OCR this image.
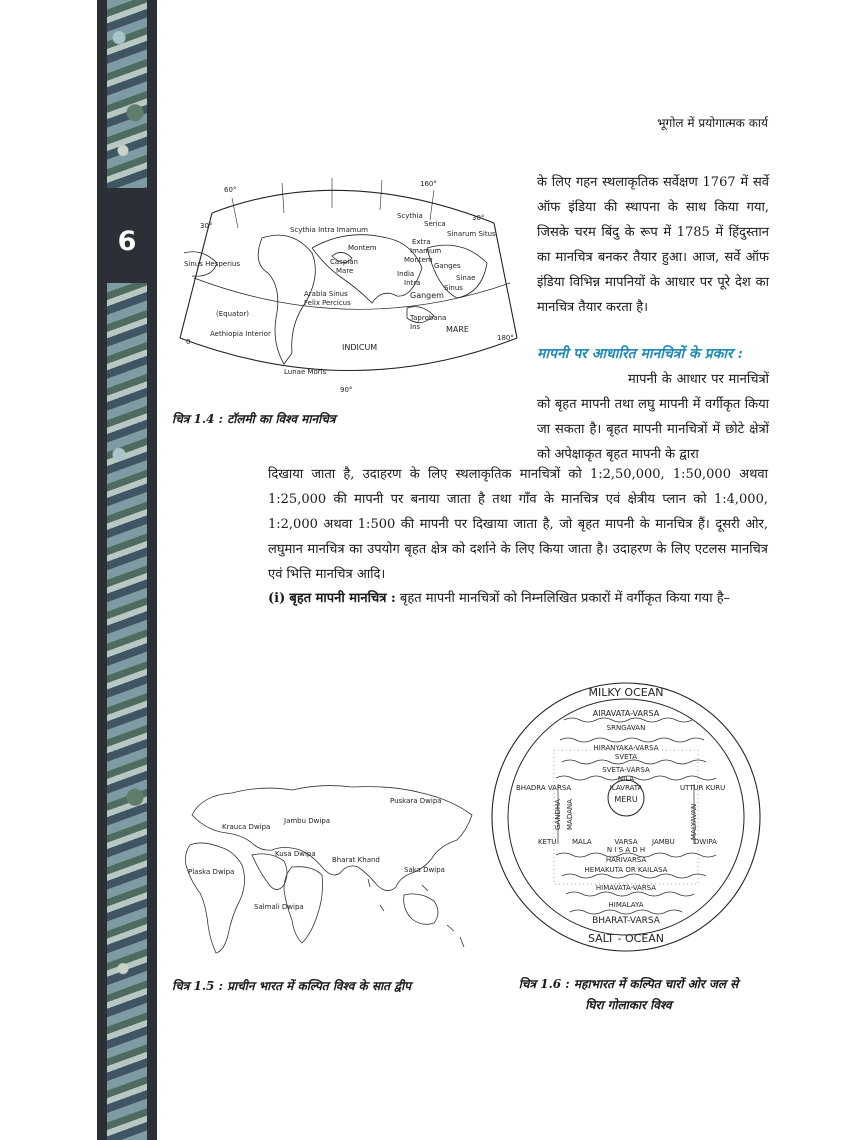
6
भूगोल में प्रयोगात्मक कार्य
60°
160°
30°
30°
0	180°
90°
Scythia
Scythia Intra Imamum
Serica
Sinarum Situs
Montem
Caspian
Mare
Extra
Imamum
Montem
Ganges
India
Intra
Gangem
Sinus
Sinae
Arabia Sinus
Felix Percicus
Sinus Hesperius
(Equator)
Aethiopia Interior
INDICUM
MARE
Taprobana
Ins
Lunae Moris
चित्र 1.4 : टॉलमी का विश्व मानचित्र

के लिए गहन स्थलाकृतिक सर्वेक्षण 1767 में सर्वे ऑफ इंडिया की स्थापना के साथ किया गया, जिसके चरम बिंदु के रूप में 1785 में हिंदुस्तान का मानचित्र बनकर तैयार हुआ। आज, सर्वे ऑफ इंडिया विभिन्न मापनियों के आधार पर पूरे देश का मानचित्र तैयार करता है।

मापनी पर आधारित मानचित्रों के प्रकार :

मापनी के आधार पर मानचित्रों को बृहत मापनी तथा लघु मापनी में वर्गीकृत किया जा सकता है। बृहत मापनी मानचित्रों में छोटे क्षेत्रों को अपेक्षाकृत बृहत मापनी के द्वारा

दिखाया जाता है, उदाहरण के लिए स्थलाकृतिक मानचित्रों को 1:2,50,000, 1:50,000 अथवा 1:25,000 की मापनी पर बनाया जाता है तथा गाँव के मानचित्र एवं क्षेत्रीय प्लान को 1:4,000, 1:2,000 अथवा 1:500 की मापनी पर दिखाया जाता है, जो बृहत मापनी के मानचित्र हैं। दूसरी ओर, लघुमान मानचित्र का उपयोग बृहत क्षेत्र को दर्शाने के लिए किया जाता है। उदाहरण के लिए एटलस मानचित्र एवं भित्ति मानचित्र आदि।

(i) बृहत मापनी मानचित्र : बृहत मापनी मानचित्रों को निम्नलिखित प्रकारों में वर्गीकृत किया गया है–
Puskara Dwipa
Jambu Dwipa
Krauca Dwipa
Kusa Dwipa
Bharat Khand
Saka Dwipa
Plaska Dwipa
Salmali Dwipa
चित्र 1.5 : प्राचीन भारत में कल्पित विश्व के सात द्वीप
MILKY OCEAN
AIRAVATA-VARSA
SRNGAVAN
HIRANYAKA-VARSA
SVETA
SVETA-VARSA
NILA
BHADRA VARSA	ILAVRATA	UTTUR KURU
GANDHA MADANA	MERU
MALYAVAN
KETU MALA	VARSA JAMBU	DWIPA
N I S A D H
HARIVARSA
HEMAKUTA OR KAILASA
HIMAVATA-VARSA
HIMALAYA
BHARAT-VARSA
SALT - OCEAN
चित्र 1.6 : महाभारत में कल्पित चारों ओर जल से
घिरा गोलाकार विश्व
